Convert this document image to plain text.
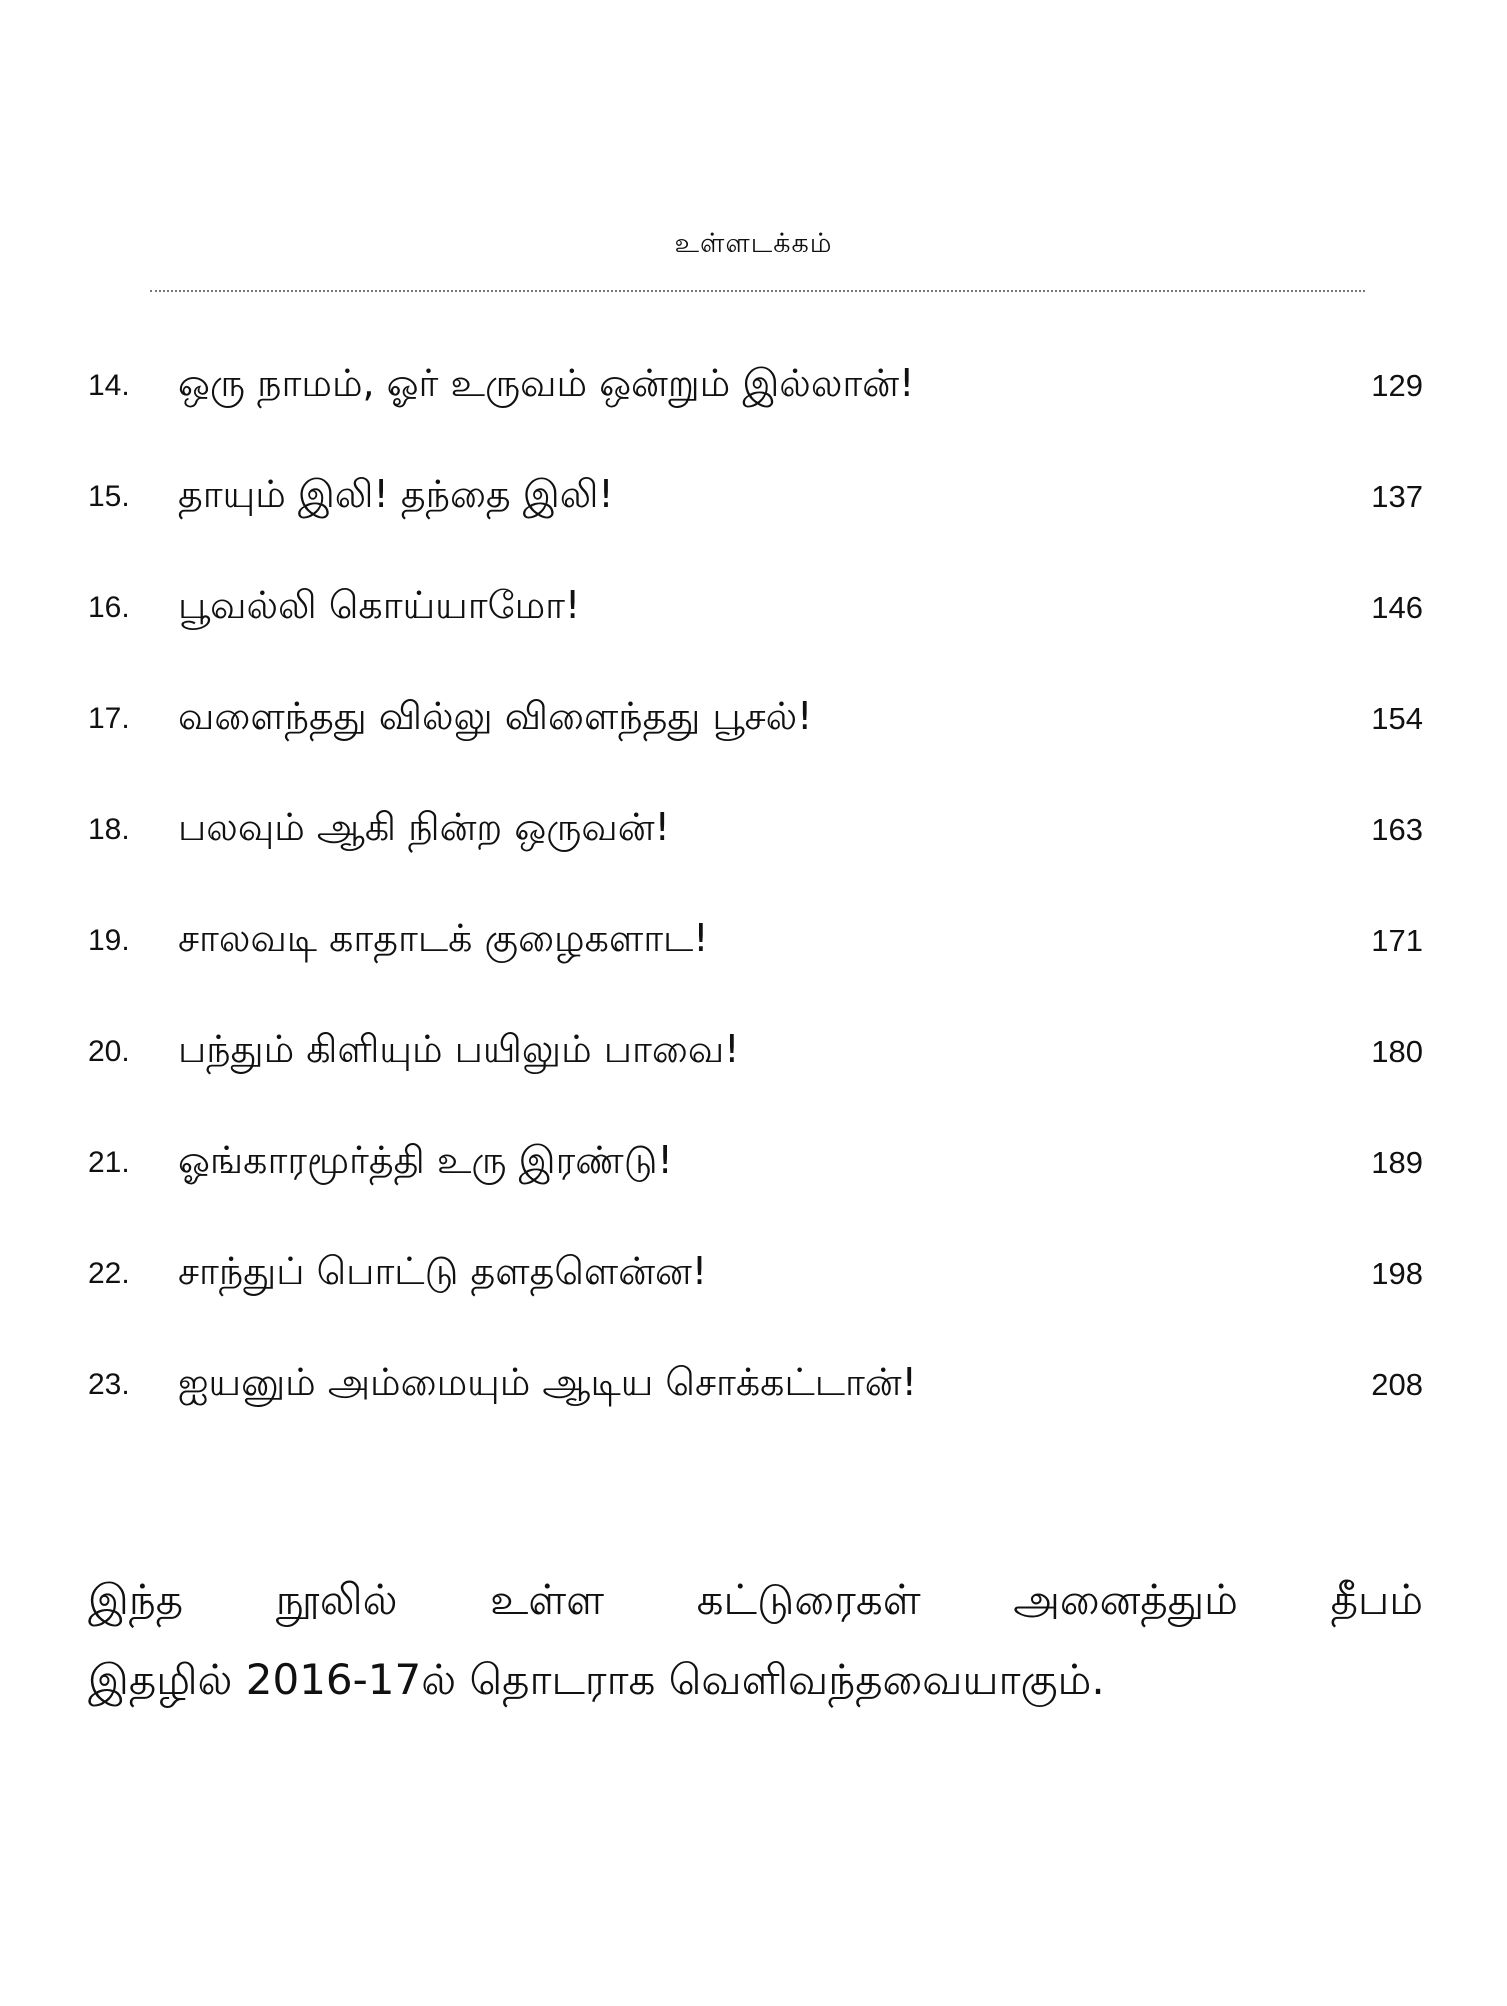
உள்ளடக்கம்
14.	ஒரு நாமம், ஓர் உருவம் ஒன்றும் இல்லான்!	129
15.	தாயும் இலி! தந்தை இலி!	137
16.	பூவல்லி கொய்யாமோ!	146
17.	வளைந்தது வில்லு விளைந்தது பூசல்!	154
18.	பலவும் ஆகி நின்ற ஒருவன்!	163
19.	சாலவடி காதாடக் குழைகளாட!	171
20.	பந்தும் கிளியும் பயிலும் பாவை!	180
21.	ஓங்காரமூர்த்தி உரு இரண்டு!	189
22.	சாந்துப் பொட்டு தளதளென்ன!	198
23.	ஐயனும் அம்மையும் ஆடிய சொக்கட்டான்!	208
இந்த நூலில் உள்ள கட்டுரைகள் அனைத்தும் தீபம்
இதழில் 2016-17ல் தொடராக வெளிவந்தவையாகும்.
